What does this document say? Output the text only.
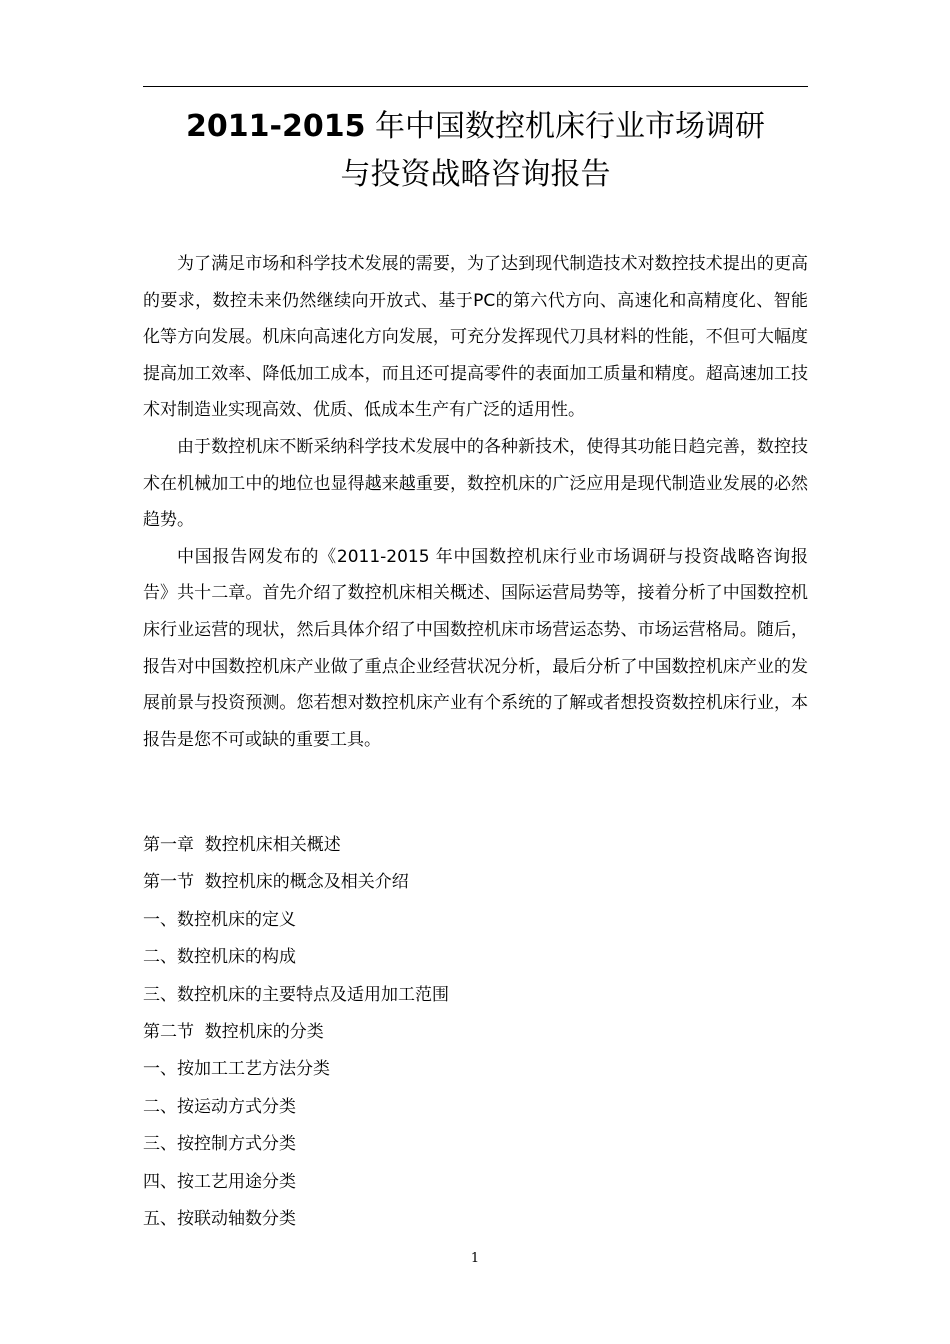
2011-2015 年中国数控机床行业市场调研
与投资战略咨询报告

为了满足市场和科学技术发展的需要，为了达到现代制造技术对数控技术提出的更高的要求，数控未来仍然继续向开放式、基于PC的第六代方向、高速化和高精度化、智能化等方向发展。机床向高速化方向发展，可充分发挥现代刀具材料的性能，不但可大幅度提高加工效率、降低加工成本，而且还可提高零件的表面加工质量和精度。超高速加工技术对制造业实现高效、优质、低成本生产有广泛的适用性。

由于数控机床不断采纳科学技术发展中的各种新技术，使得其功能日趋完善，数控技术在机械加工中的地位也显得越来越重要，数控机床的广泛应用是现代制造业发展的必然趋势。

中国报告网发布的《2011-2015 年中国数控机床行业市场调研与投资战略咨询报告》共十二章。首先介绍了数控机床相关概述、国际运营局势等，接着分析了中国数控机床行业运营的现状，然后具体介绍了中国数控机床市场营运态势、市场运营格局。随后，报告对中国数控机床产业做了重点企业经营状况分析，最后分析了中国数控机床产业的发展前景与投资预测。您若想对数控机床产业有个系统的了解或者想投资数控机床行业，本报告是您不可或缺的重要工具。

第一章  数控机床相关概述
第一节  数控机床的概念及相关介绍
一、数控机床的定义
二、数控机床的构成
三、数控机床的主要特点及适用加工范围
第二节  数控机床的分类
一、按加工工艺方法分类
二、按运动方式分类
三、按控制方式分类
四、按工艺用途分类
五、按联动轴数分类
1
